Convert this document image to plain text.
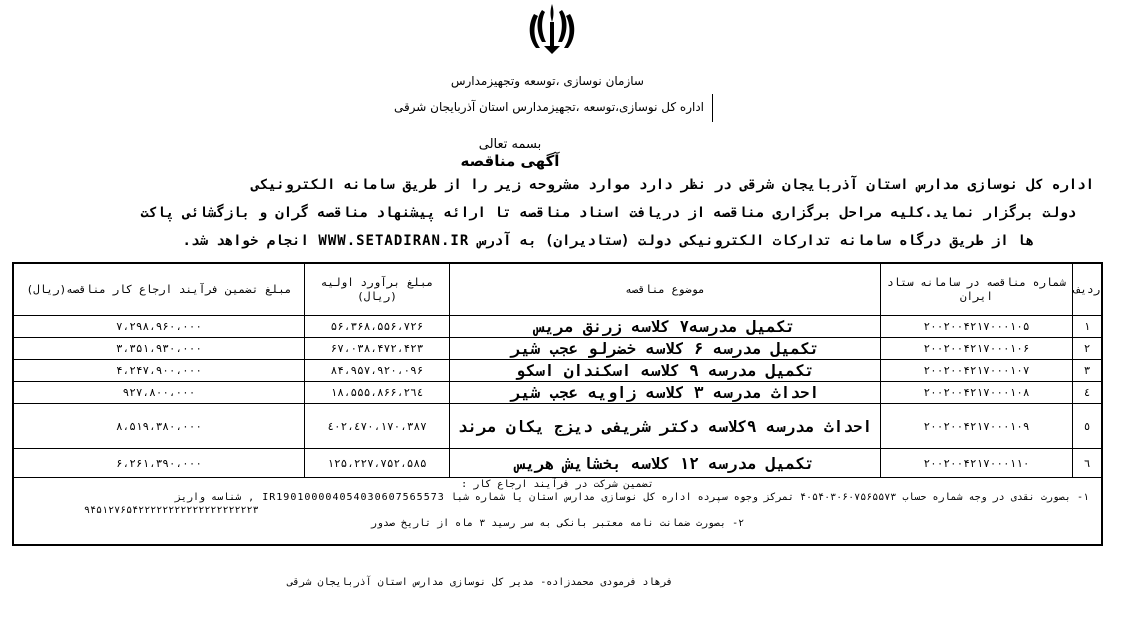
سازمان نوسازی ،توسعه وتجهیزمدارس
اداره کل نوسازی،توسعه ،تجهیزمدارس استان آذربایجان شرقی
بسمه تعالی
آگهی مناقصه
اداره کل نوسازی مدارس استان آذربایجان شرقی در نظر دارد موارد مشروحه زیر را از طریق سامانه الکترونیکی
دولت برگزار نماید.کلیه مراحل برگزاری مناقصه از دریافت اسناد مناقصه تا ارائه پیشنهاد مناقصه گران و بازگشائی پاکت
ها از طریق درگاه سامانه تدارکات الکترونیکی دولت (ستادیران) به آدرس WWW.SETADIRAN.IR انجام خواهد شد.
ردیف
شماره مناقصه در سامانه ستاد ایران
موضوع مناقصه
مبلغ برآورد اولیه (ریال)
مبلغ تضمین فرآیند ارجاع کار مناقصه(ریال)
۱
۲۰۰۲۰۰۴۲۱۷۰۰۰۱۰۵
تکمیل مدرسه۷ کلاسه زرنق مریس
۵۶،۳۶۸،۵۵۶،۷۲۶
۷،۲۹۸،۹۶۰،۰۰۰
۲
۲۰۰۲۰۰۴۲۱۷۰۰۰۱۰۶
تکمیل مدرسه ۶ کلاسه خضرلو عجب شیر
۶۷،۰۳۸،۴۷۲،۴۲۳
۳،۳۵۱،۹۳۰،۰۰۰
۳
۲۰۰۲۰۰۴۲۱۷۰۰۰۱۰۷
تکمیل مدرسه ۹ کلاسه اسکندان اسکو
۸۴،۹۵۷،۹۲۰،۰۹۶
۴،۲۴۷،۹۰۰،۰۰۰
٤
۲۰۰۲۰۰۴۲۱۷۰۰۰۱۰۸
احداث مدرسه ۳ کلاسه زاویه عجب شیر
۱۸،۵۵۵،۸۶۶،۲٦٤
۹۲۷،۸۰۰،۰۰۰
٥
۲۰۰۲۰۰۴۲۱۷۰۰۰۱۰۹
احداث مدرسه ۹کلاسه دکتر شریفی دیزج یکان مرند
۱۷۰،۳۸۷،٤۷۰،٤۰۲
۸،۵۱۹،۳۸۰،۰۰۰
٦
۲۰۰۲۰۰۴۲۱۷۰۰۰۱۱۰
تکمیل مدرسه ۱۲ کلاسه بخشایش هریس
۱۲۵،۲۲۷،۷۵۲،۵۸۵
۶،۲۶۱،۳۹۰،۰۰۰
تضمین شرکت در فرآیند ارجاع کار :
۱- بصورت نقدی در وجه شماره حساب ۴۰۵۴۰۳۰۶۰۷۵۶۵۵۷۳ تمرکز وجوه سپرده اداره کل نوسازی مدارس استان یا شماره شبا IR190100004054030607565573 , شناسه واریز
۹۴۵۱۲۷۶۵۴۲۲۲۲۲۲۲۲۲۲۲۲۲۲۲۲۲۲۲۳
۲- بصورت ضمانت نامه معتبر بانکی به سر رسید ۳ ماه از تاریخ صدور
فرهاد فرمودی محمدزاده- مدیر کل نوسازی مدارس استان آذربایجان شرقی
